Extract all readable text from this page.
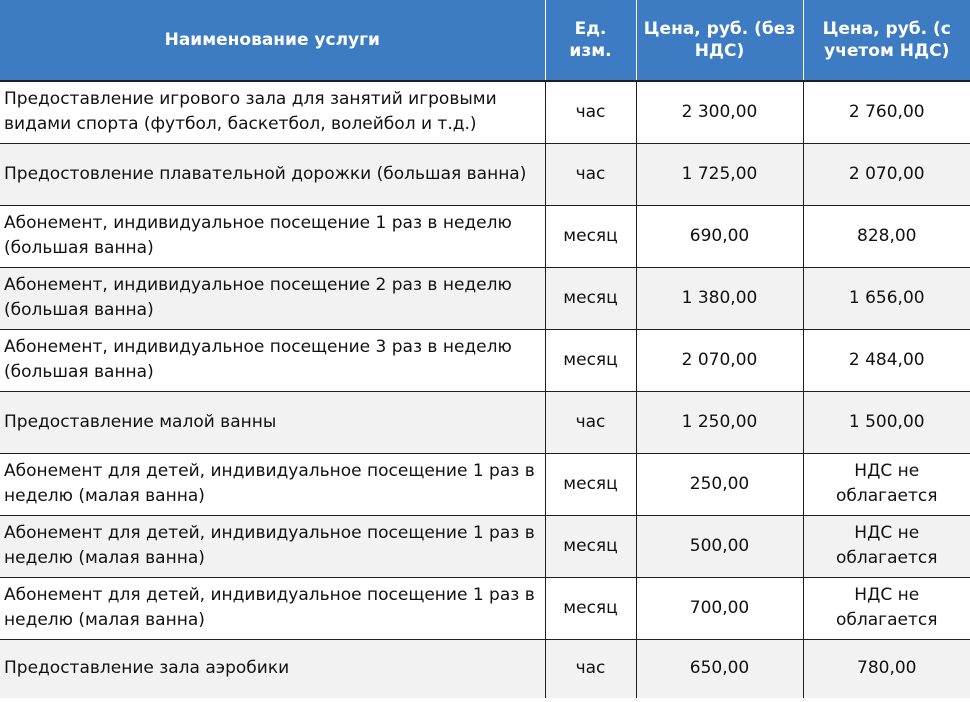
Наименование услуги	Ед. изм.	Цена, руб. (без НДС)	Цена, руб. (с учетом НДС)
Предоставление игрового зала для занятий игровыми видами спорта (футбол, баскетбол, волейбол и т.д.)	час	2 300,00	2 760,00
Предостовление плавательной дорожки (большая ванна)	час	1 725,00	2 070,00
Абонемент, индивидуальное посещение 1 раз в неделю (большая ванна)	месяц	690,00	828,00
Абонемент, индивидуальное посещение 2 раз в неделю (большая ванна)	месяц	1 380,00	1 656,00
Абонемент, индивидуальное посещение 3 раз в неделю (большая ванна)	месяц	2 070,00	2 484,00
Предоставление малой ванны	час	1 250,00	1 500,00
Абонемент для детей, индивидуальное посещение 1 раз в неделю (малая ванна)	месяц	250,00	НДС не облагается
Абонемент для детей, индивидуальное посещение 1 раз в неделю (малая ванна)	месяц	500,00	НДС не облагается
Абонемент для детей, индивидуальное посещение 1 раз в неделю (малая ванна)	месяц	700,00	НДС не облагается
Предоставление зала аэробики	час	650,00	780,00
